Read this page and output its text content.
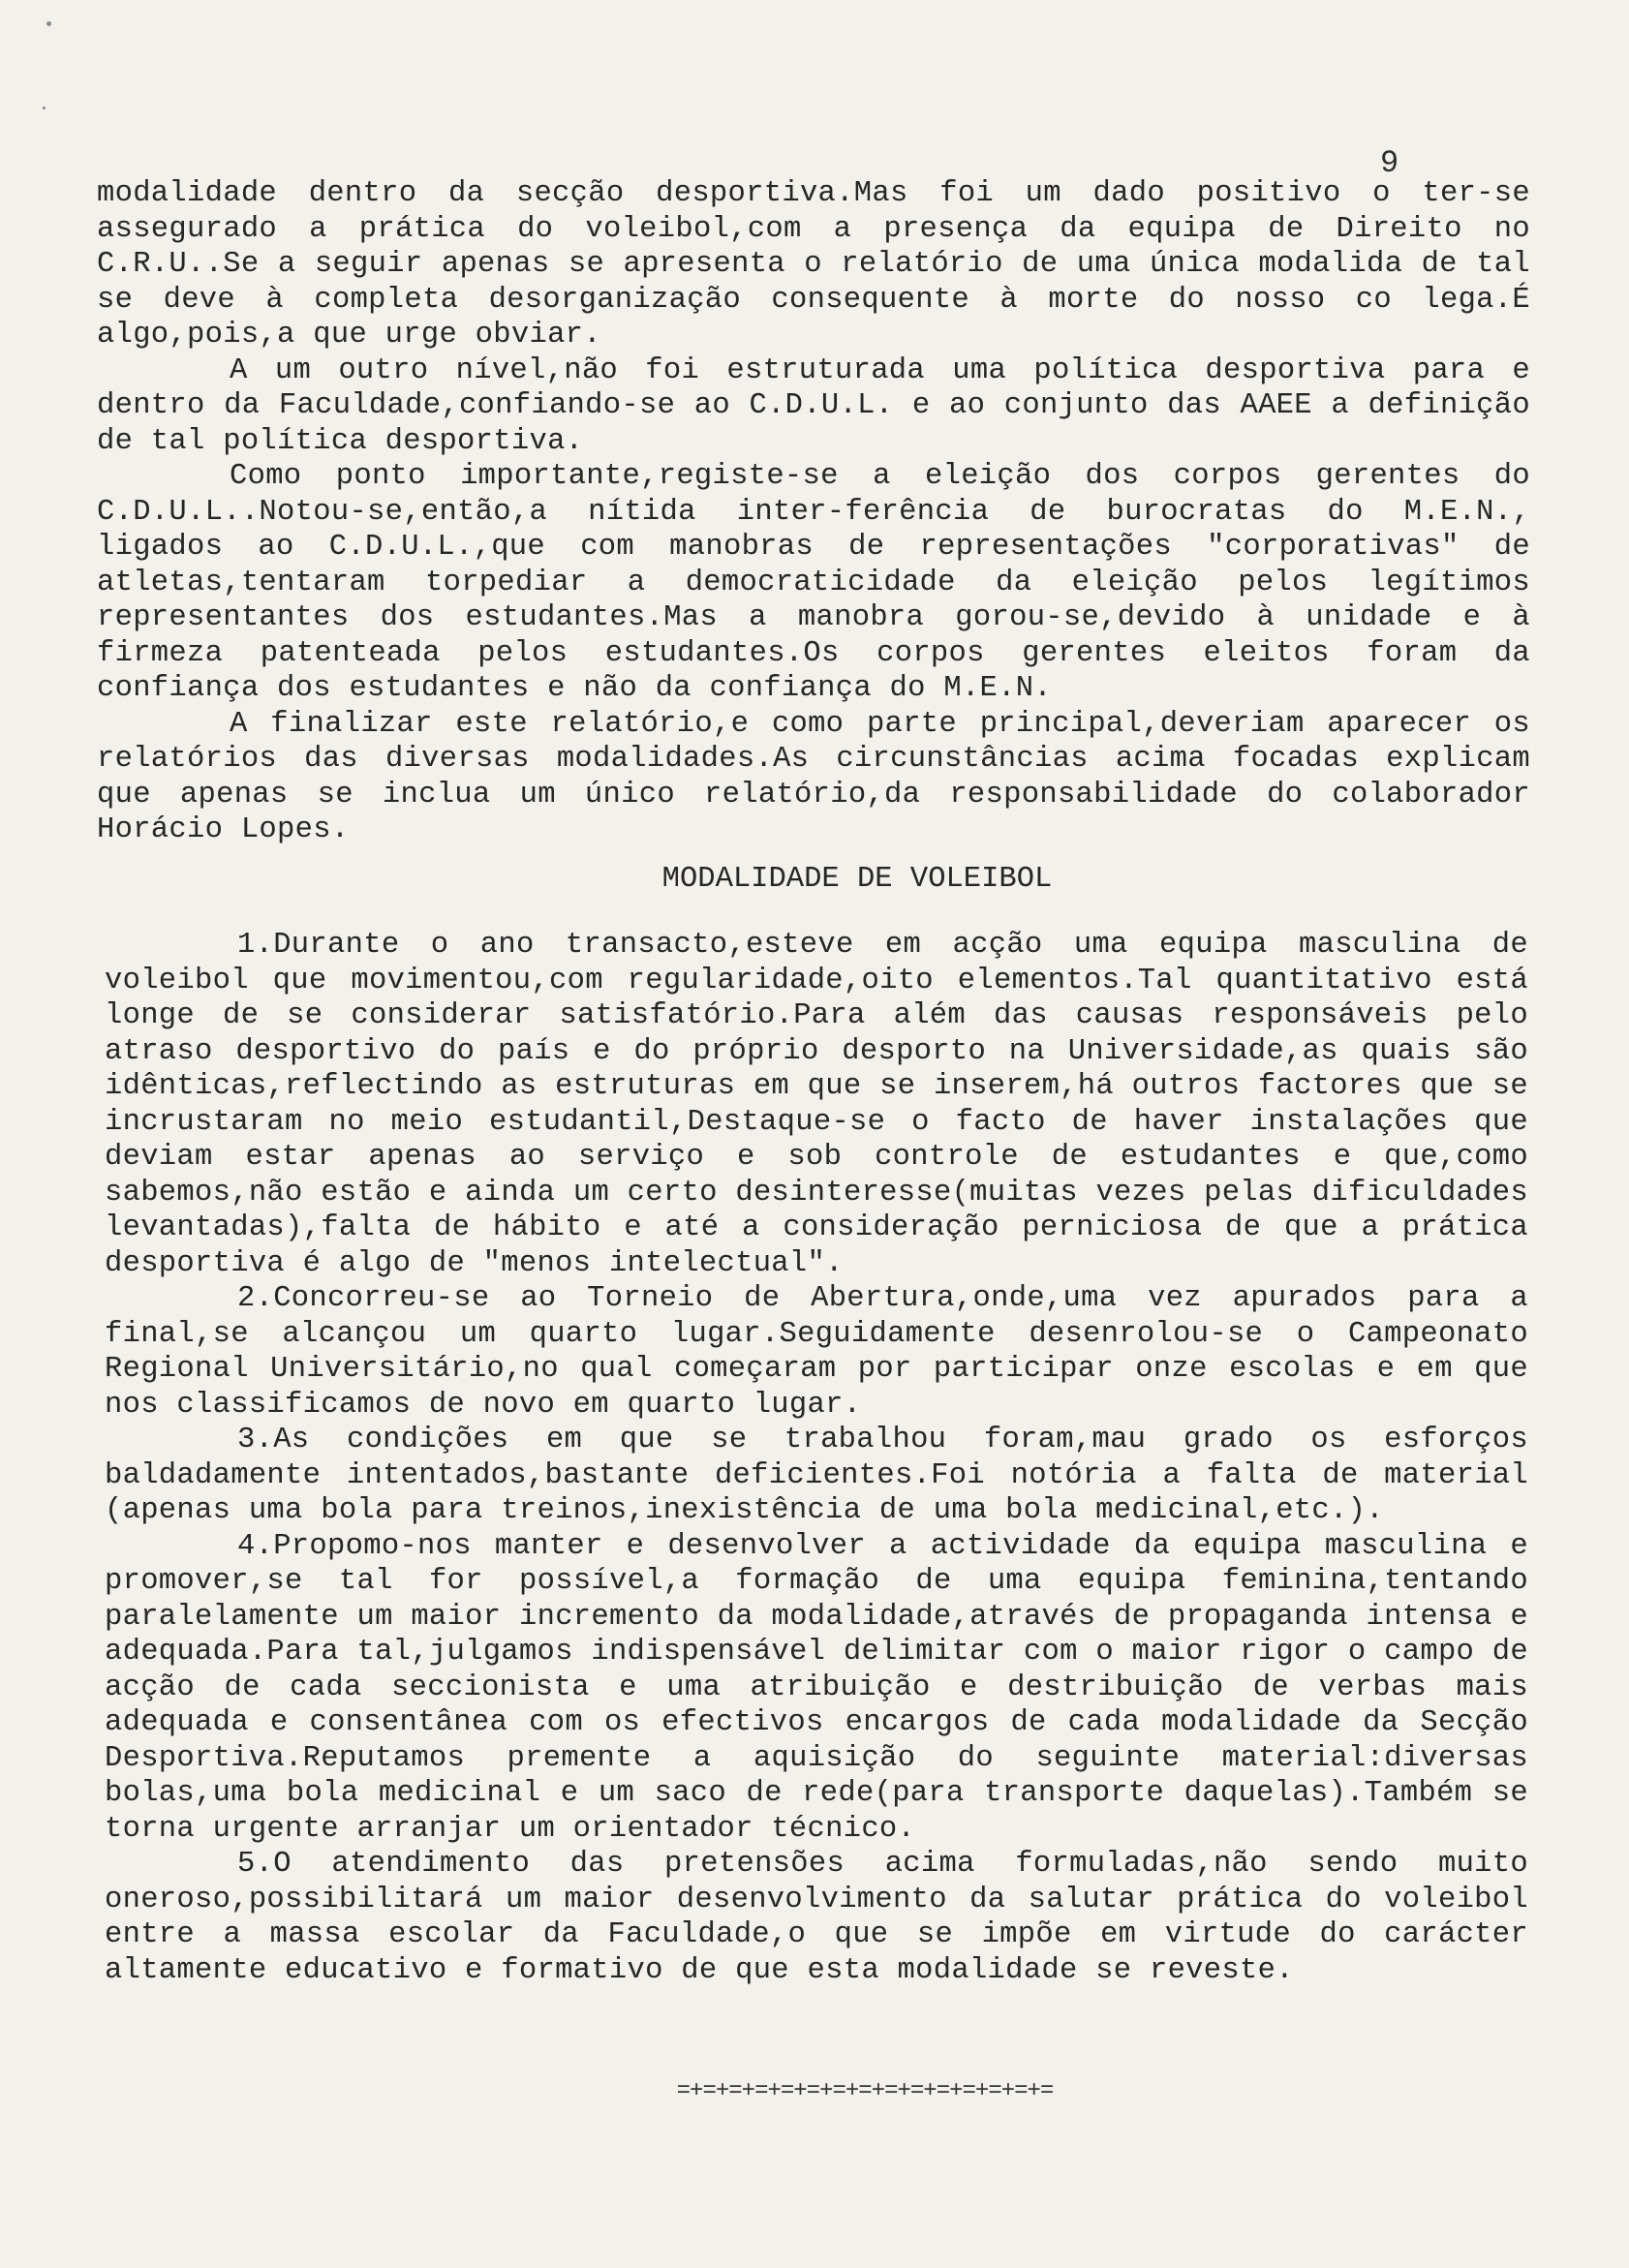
9

modalidade dentro da secção desportiva.Mas foi um dado positivo o ter-se assegurado a prática do voleibol,com a presença da equipa de Direito no C.R.U..Se a seguir apenas se apresenta o relatório de uma única modalida de tal se deve à completa desorganização consequente à morte do nosso co lega.É algo,pois,a que urge obviar.

A um outro nível,não foi estruturada uma política desportiva para e dentro da Faculdade,confiando-se ao C.D.U.L. e ao conjunto das AAEE a definição de tal política desportiva.

Como ponto importante,registe-se a eleição dos corpos gerentes do C.D.U.L..Notou-se,então,a nítida inter-ferência de burocratas do M.E.N., ligados ao C.D.U.L.,que com manobras de representações "corporativas" de atletas,tentaram torpediar a democraticidade da eleição pelos legítimos representantes dos estudantes.Mas a manobra gorou-se,devido à unidade e à firmeza patenteada pelos estudantes.Os corpos gerentes eleitos foram da confiança dos estudantes e não da confiança do M.E.N.

A finalizar este relatório,e como parte principal,deveriam aparecer os relatórios das diversas modalidades.As circunstâncias acima focadas explicam que apenas se inclua um único relatório,da responsabilidade do colaborador Horácio Lopes.

MODALIDADE DE VOLEIBOL

1.Durante o ano transacto,esteve em acção uma equipa masculina de voleibol que movimentou,com regularidade,oito elementos.Tal quantitativo está longe de se considerar satisfatório.Para além das causas responsáveis pelo atraso desportivo do país e do próprio desporto na Universidade,as quais são idênticas,reflectindo as estruturas em que se inserem,há outros factores que se incrustaram no meio estudantil,Destaque-se o facto de haver instalações que deviam estar apenas ao serviço e sob controle de estudantes e que,como sabemos,não estão e ainda um certo desinteresse(muitas vezes pelas dificuldades levantadas),falta de hábito e até a consideração perniciosa de que a prática desportiva é algo de "menos intelectual".

2.Concorreu-se ao Torneio de Abertura,onde,uma vez apurados para a final,se alcançou um quarto lugar.Seguidamente desenrolou-se o Campeonato Regional Universitário,no qual começaram por participar onze escolas e em que nos classificamos de novo em quarto lugar.

3.As condições em que se trabalhou foram,mau grado os esforços baldadamente intentados,bastante deficientes.Foi notória a falta de material (apenas uma bola para treinos,inexistência de uma bola medicinal,etc.).

4.Propomo-nos manter e desenvolver a actividade da equipa masculina e promover,se tal for possível,a formação de uma equipa feminina,tentando paralelamente um maior incremento da modalidade,através de propaganda intensa e adequada.Para tal,julgamos indispensável delimitar com o maior rigor o campo de acção de cada seccionista e uma atribuição e destribuição de verbas mais adequada e consentânea com os efectivos encargos de cada modalidade da Secção Desportiva.Reputamos premente a aquisição do seguinte material:diversas bolas,uma bola medicinal e um saco de rede(para transporte daquelas).Também se torna urgente arranjar um orientador técnico.

5.O atendimento das pretensões acima formuladas,não sendo muito oneroso,possibilitará um maior desenvolvimento da salutar prática do voleibol entre a massa escolar da Faculdade,o que se impõe em virtude do carácter altamente educativo e formativo de que esta modalidade se reveste.

=+=+=+=+=+=+=+=+=+=+=+=+=+=+=
